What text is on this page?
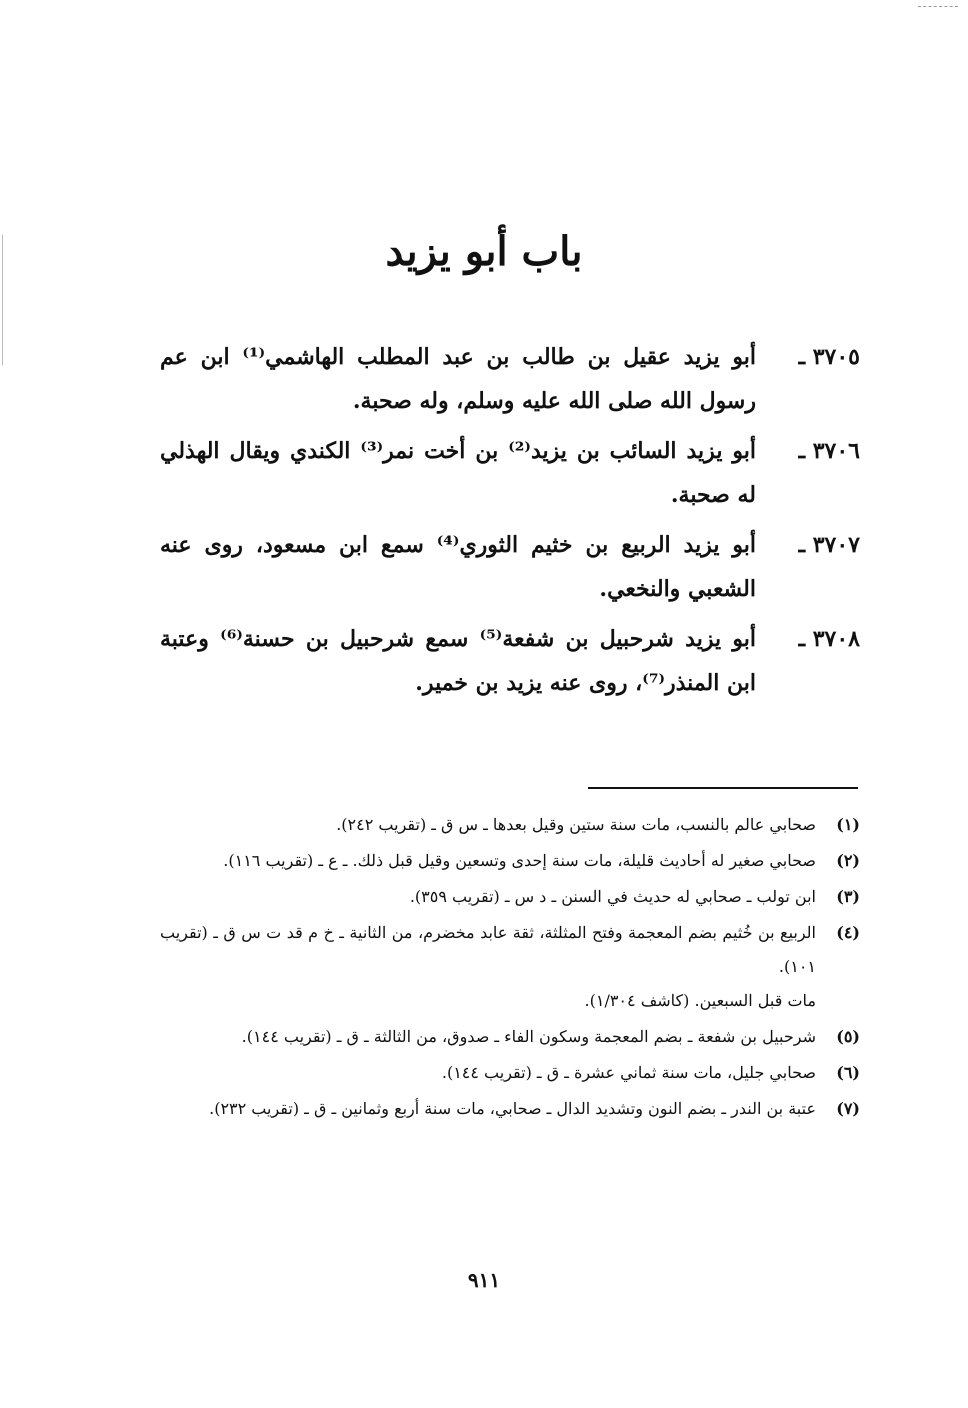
باب أبو يزيد
٣٧٠٥ ـ
أبو يزيد عقيل بن طالب بن عبد المطلب الهاشمي⁽¹⁾ ابن عم رسول الله صلى الله عليه وسلم، وله صحبة.
٣٧٠٦ ـ
أبو يزيد السائب بن يزيد⁽²⁾ بن أخت نمر⁽³⁾ الكندي ويقال الهذلي له صحبة.
٣٧٠٧ ـ
أبو يزيد الربيع بن خثيم الثوري⁽⁴⁾ سمع ابن مسعود، روى عنه الشعبي والنخعي.
٣٧٠٨ ـ
أبو يزيد شرحبيل بن شفعة⁽⁵⁾ سمع شرحبيل بن حسنة⁽⁶⁾ وعتبة ابن المنذر⁽⁷⁾، روى عنه يزيد بن خمير.
(١)
صحابي عالم بالنسب، مات سنة ستين وقيل بعدها ـ س ق ـ (تقريب ٢٤٢).
(٢)
صحابي صغير له أحاديث قليلة، مات سنة إحدى وتسعين وقيل قبل ذلك. ـ ع ـ (تقريب ١١٦).
(٣)
ابن تولب ـ صحابي له حديث في السنن ـ د س ـ (تقريب ٣٥٩).
(٤)
الربيع بن خُثيم بضم المعجمة وفتح المثلثة، ثقة عابد مخضرم، من الثانية ـ خ م قد ت س ق ـ (تقريب ١٠١).
مات قبل السبعين. (كاشف ١/٣٠٤).
(٥)
شرحبيل بن شفعة ـ بضم المعجمة وسكون الفاء ـ صدوق، من الثالثة ـ ق ـ (تقريب ١٤٤).
(٦)
صحابي جليل، مات سنة ثماني عشرة ـ ق ـ (تقريب ١٤٤).
(٧)
عتبة بن الندر ـ بضم النون وتشديد الدال ـ صحابي، مات سنة أربع وثمانين ـ ق ـ (تقريب ٢٣٢).
٩١١
